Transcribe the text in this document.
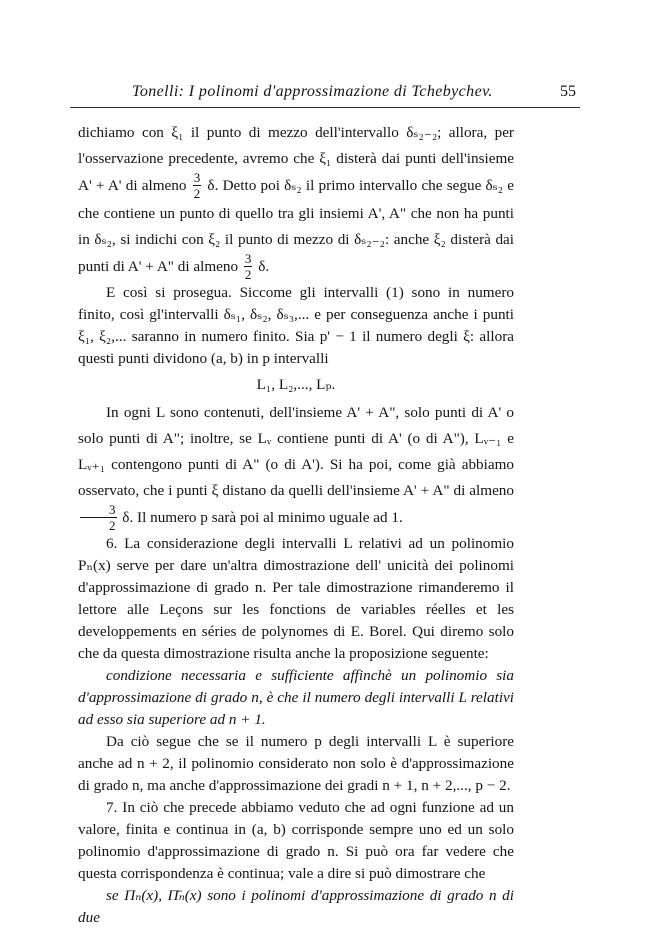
Tonelli: I polinomi d'approssimazione di Tchebychev.	55

dichiamo con ξ₁ il punto di mezzo dell'intervallo δₛ₂₋₂; allora, per l'osservazione precedente, avremo che ξ₁ disterà dai punti dell'insieme A' + A' di almeno $\frac{3}{2} \delta$. Detto poi δₛ₂ il primo intervallo che segue δₛ₂ e che contiene un punto di quello tra gli insiemi A', A" che non ha punti in δₛ₂, si indichi con ξ₂ il punto di mezzo di δₛ₂₋₂: anche ξ₂ disterà dai punti di A' + A" di almeno $\frac{3}{2} \delta$.

E così si prosegua. Siccome gli intervalli (1) sono in numero finito, così gl'intervalli δₛ₁, δₛ₂, δₛ₃,... e per conseguenza anche i punti ξ₁, ξ₂,... saranno in numero finito. Sia p' − 1 il numero degli ξ: allora questi punti dividono (a, b) in p intervalli

L₁, L₂,..., Lₚ.

In ogni L sono contenuti, dell'insieme A' + A", solo punti di A' o solo punti di A"; inoltre, se Lᵥ contiene punti di A' (o di A"), Lᵥ₋₁ e Lᵥ₊₁ contengono punti di A" (o di A'). Si ha poi, come già abbiamo osservato, che i punti ξ distano da quelli dell'insieme A' + A" di almeno
$\frac{3}{2} \delta$. Il numero p sarà poi al minimo uguale ad 1.

6. La considerazione degli intervalli L relativi ad un polinomio Pₙ(x) serve per dare un'altra dimostrazione dell' unicità dei polinomi d'approssimazione di grado n. Per tale dimostrazione rimanderemo il lettore alle Leçons sur les fonctions de variables réelles et les developpements en séries de polynomes di E. Borel. Qui diremo solo che da questa dimostrazione risulta anche la proposizione seguente:

condizione necessaria e sufficiente affinchè un polinomio sia d'approssimazione di grado n, è che il numero degli intervalli L relativi ad esso sia superiore ad n + 1.

Da ciò segue che se il numero p degli intervalli L è superiore anche ad n + 2, il polinomio considerato non solo è d'approssimazione di grado n, ma anche d'approssimazione dei gradi n + 1, n + 2,..., p − 2.

7. In ciò che precede abbiamo veduto che ad ogni funzione ad un valore, finita e continua in (a, b) corrisponde sempre uno ed un solo polinomio d'approssimazione di grado n. Si può ora far vedere che questa corrispondenza è continua; vale a dire si può dimostrare che

se Πₙ(x), Π̄ₙ(x) sono i polinomi d'approssimazione di grado n di due
